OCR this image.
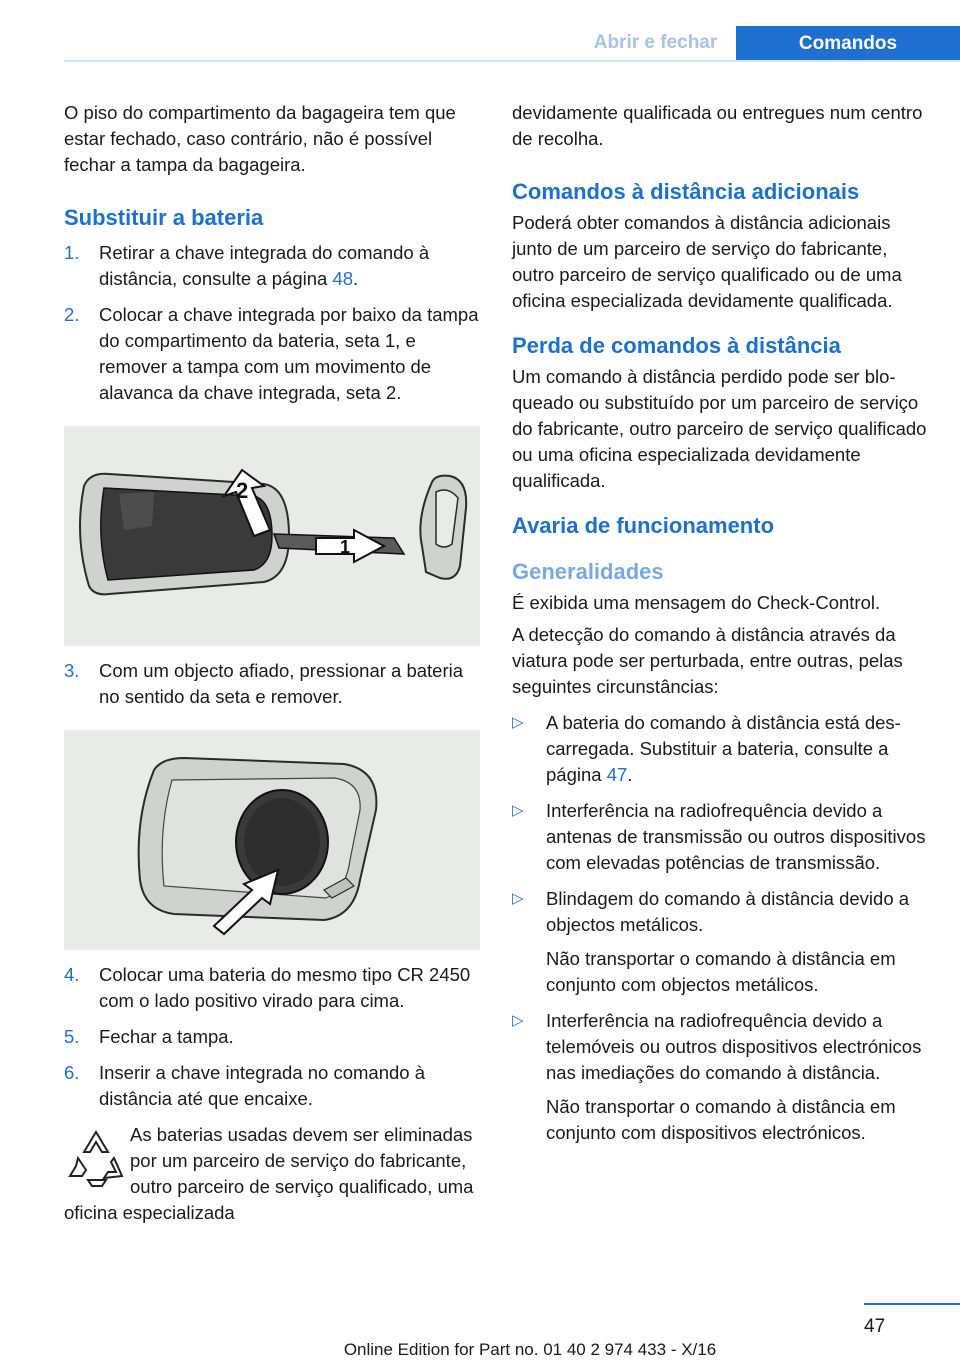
Abrir e fechar	Comandos

O piso do compartimento da bagageira tem que estar fechado, caso contrário, não é possível fechar a tampa da bagageira.

Substituir a bateria
1.	Retirar a chave integrada do comando à distância, consulte a página 48.
2.	Colocar a chave integrada por baixo da tampa do compartimento da bateria, seta 1, e remover a tampa com um movimento de alavanca da chave integrada, seta 2.
2
1
3.	Com um objecto afiado, pressionar a bateria no sentido da seta e remover.
4.	Colocar uma bateria do mesmo tipo CR 2450 com o lado positivo virado para cima.
5.	Fechar a tampa.
6.	Inserir a chave integrada no comando à distância até que encaixe.

As baterias usadas devem ser eliminadas por um parceiro de serviço do fabricante, outro parceiro de serviço qualificado, uma oficina especializada

devidamente qualificada ou entregues num centro de recolha.

Comandos à distância adicionais

Poderá obter comandos à distância adicionais junto de um parceiro de serviço do fabricante, outro parceiro de serviço qualificado ou de uma oficina especializada devidamente qualificada.

Perda de comandos à distância

Um comando à distância perdido pode ser bloqueado ou substituído por um parceiro de serviço do fabricante, outro parceiro de serviço qualificado ou uma oficina especializada devidamente qualificada.

Avaria de funcionamento
Generalidades

É exibida uma mensagem do Check-Control.

A detecção do comando à distância através da viatura pode ser perturbada, entre outras, pelas seguintes circunstâncias:

▷	A bateria do comando à distância está descarregada. Substituir a bateria, consulte a página 47.
▷	Interferência na radiofrequência devido a antenas de transmissão ou outros dispositivos com elevadas potências de transmissão.
▷	Blindagem do comando à distância devido a objectos metálicos.
Não transportar o comando à distância em conjunto com objectos metálicos.
▷	Interferência na radiofrequência devido a telemóveis ou outros dispositivos electrónicos nas imediações do comando à distância.
Não transportar o comando à distância em conjunto com dispositivos electrónicos.
47
Online Edition for Part no. 01 40 2 974 433 - X/16
